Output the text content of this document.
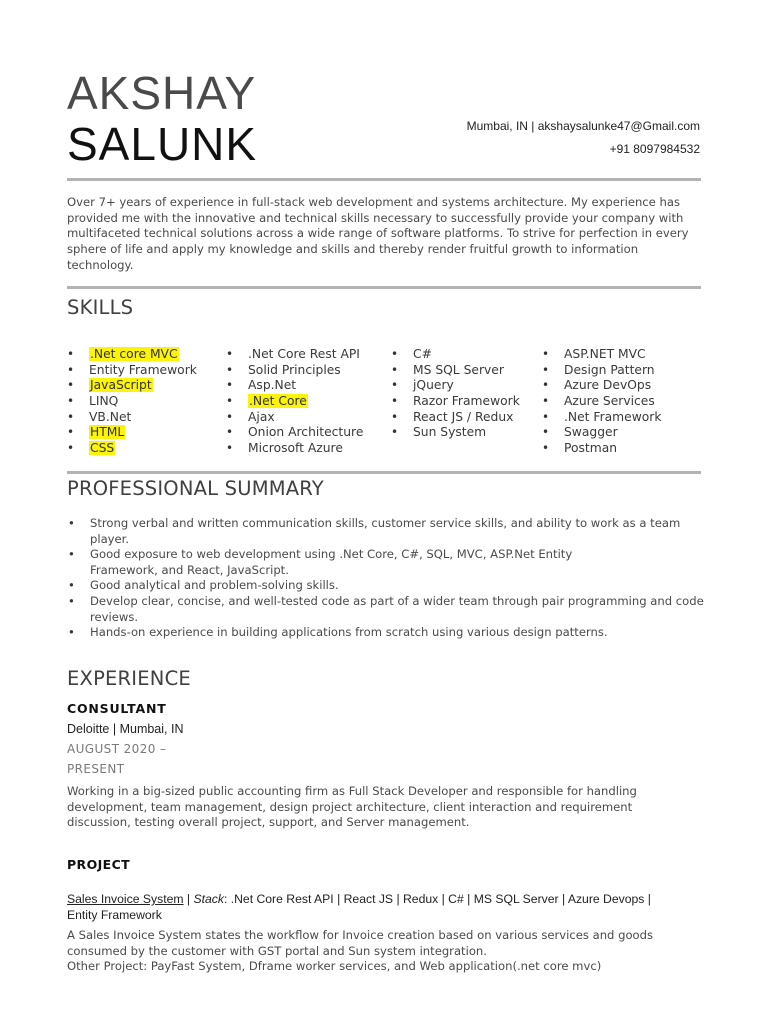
AKSHAY
SALUNK	Mumbai, IN | akshaysalunke47@Gmail.com
+91 8097984532
Over 7+ years of experience in full-stack web development and systems architecture. My experience has provided me with the innovative and technical skills necessary to successfully provide your company with multifaceted technical solutions across a wide range of software platforms. To strive for perfection in every sphere of life and apply my knowledge and skills and thereby render fruitful growth to information technology.
SKILLS
• .Net core MVC
• Entity Framework
• JavaScript
• LINQ
• VB.Net
• HTML
• CSS
• .Net Core Rest API
• Solid Principles
• Asp.Net
• .Net Core
• Ajax
• Onion Architecture
• Microsoft Azure
• C#
• MS SQL Server
• jQuery
• Razor Framework
• React JS / Redux
• Sun System
• ASP.NET MVC
• Design Pattern
• Azure DevOps
• Azure Services
• .Net Framework
• Swagger
• Postman
PROFESSIONAL SUMMARY
• Strong verbal and written communication skills, customer service skills, and ability to work as a team player.
• Good exposure to web development using .Net Core, C#, SQL, MVC, ASP.Net Entity Framework, and React, JavaScript.
• Good analytical and problem-solving skills.
• Develop clear, concise, and well-tested code as part of a wider team through pair programming and code reviews.
• Hands-on experience in building applications from scratch using various design patterns.
EXPERIENCE
CONSULTANT
Deloitte | Mumbai, IN
AUGUST 2020 –
PRESENT
Working in a big-sized public accounting firm as Full Stack Developer and responsible for handling development, team management, design project architecture, client interaction and requirement discussion, testing overall project, support, and Server management.
PROJECT
Sales Invoice System | Stack: .Net Core Rest API | React JS | Redux | C# | MS SQL Server | Azure Devops | Entity Framework
A Sales Invoice System states the workflow for Invoice creation based on various services and goods consumed by the customer with GST portal and Sun system integration.
Other Project: PayFast System, Dframe worker services, and Web application(.net core mvc)
